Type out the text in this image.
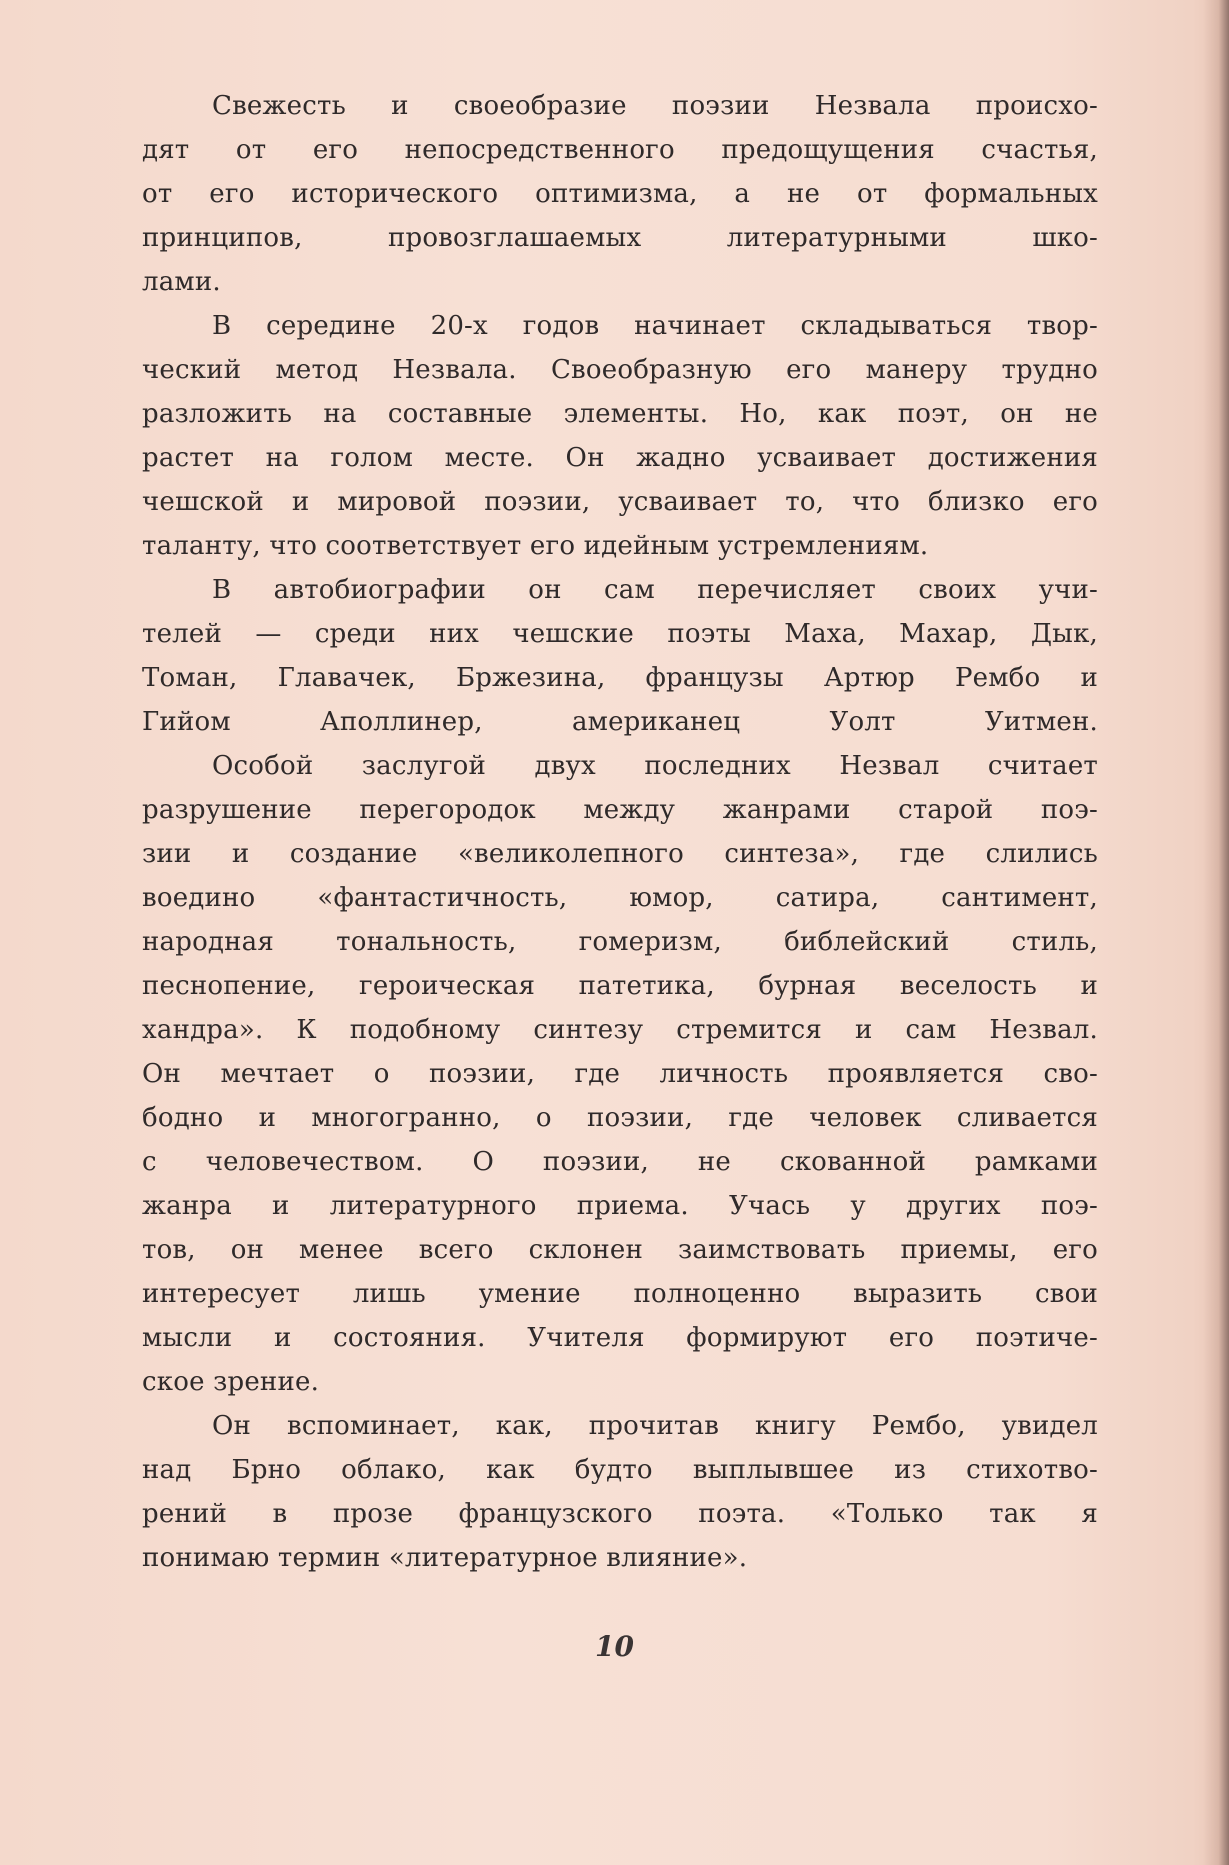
Свежесть и своеобразие поэзии Незвала происхо-
дят от его непосредственного предощущения счастья,
от его исторического оптимизма, а не от формальных
принципов, провозглашаемых литературными шко-
лами.
В середине 20-х годов начинает складываться твор-
ческий метод Незвала. Своеобразную его манеру трудно
разложить на составные элементы. Но, как поэт, он не
растет на голом месте. Он жадно усваивает достижения
чешской и мировой поэзии, усваивает то, что близко его
таланту, что соответствует его идейным устремлениям.
В автобиографии он сам перечисляет своих учи-
телей — среди них чешские поэты Маха, Махар, Дык,
Томан, Главачек, Бржезина, французы Артюр Рембо и
Гийом Аполлинер, американец Уолт Уитмен.
Особой заслугой двух последних Незвал считает
разрушение перегородок между жанрами старой поэ-
зии и создание «великолепного синтеза», где слились
воедино «фантастичность, юмор, сатира, сантимент,
народная тональность, гомеризм, библейский стиль,
песнопение, героическая патетика, бурная веселость и
хандра». К подобному синтезу стремится и сам Незвал.
Он мечтает о поэзии, где личность проявляется сво-
бодно и многогранно, о поэзии, где человек сливается
с человечеством. О поэзии, не скованной рамками
жанра и литературного приема. Учась у других поэ-
тов, он менее всего склонен заимствовать приемы, его
интересует лишь умение полноценно выразить свои
мысли и состояния. Учителя формируют его поэтиче-
ское зрение.
Он вспоминает, как, прочитав книгу Рембо, увидел
над Брно облако, как будто выплывшее из стихотво-
рений в прозе французского поэта. «Только так я
понимаю термин «литературное влияние».
10
